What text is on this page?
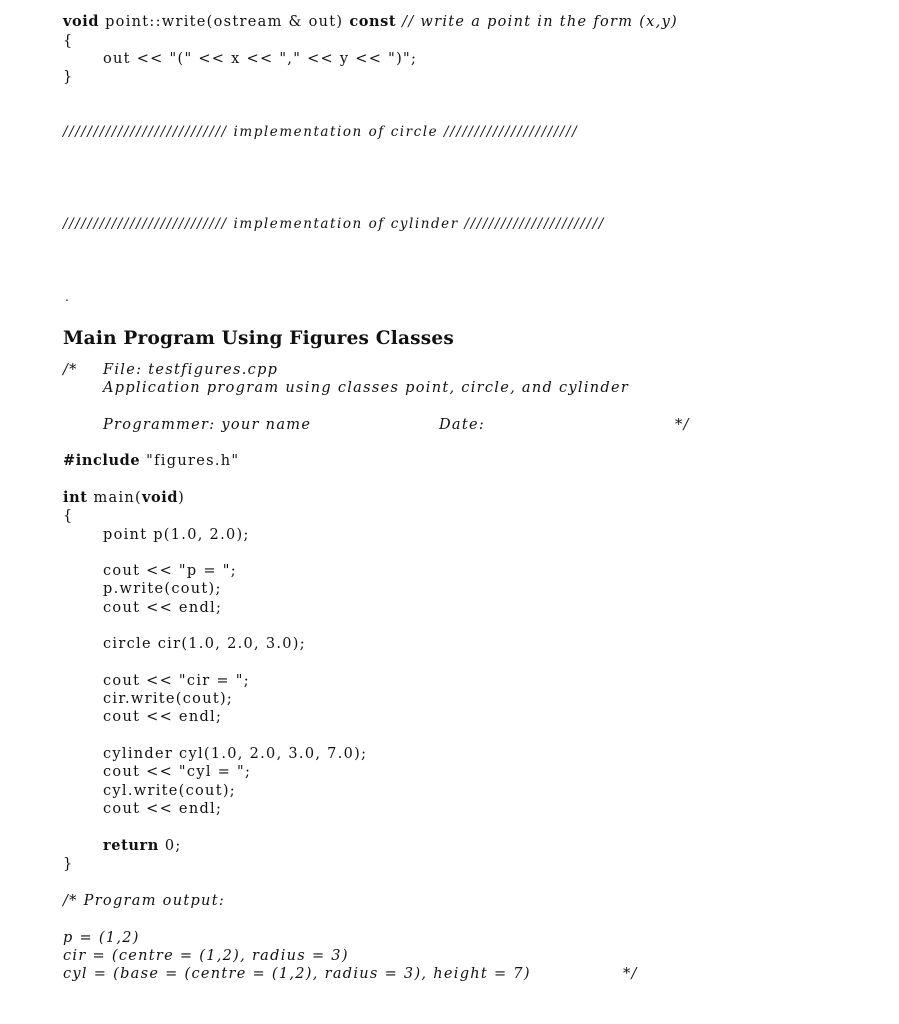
void point::write(ostream & out) const // write a point in the form (x,y)
{
out << "(" << x << "," << y << ")";
}
/////////////////////////// implementation of circle //////////////////////
/////////////////////////// implementation of cylinder ///////////////////////
.
Main Program Using Figures Classes
/* File: testfigures.cpp
Application program using classes point, circle, and cylinder
Programmer: your name	Date:	*/
#include "figures.h"
int main(void)
{
point p(1.0, 2.0);
cout << "p = ";
p.write(cout);
cout << endl;
circle cir(1.0, 2.0, 3.0);
cout << "cir = ";
cir.write(cout);
cout << endl;
cylinder cyl(1.0, 2.0, 3.0, 7.0);
cout << "cyl = ";
cyl.write(cout);
cout << endl;
return 0;
}
/* Program output:
p = (1,2)
cir = (centre = (1,2), radius = 3)
cyl = (base = (centre = (1,2), radius = 3), height = 7)	*/
